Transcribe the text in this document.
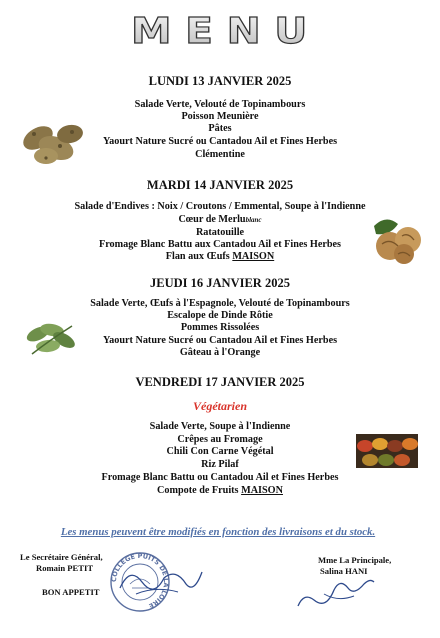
MENU
LUNDI 13 JANVIER 2025
Salade Verte, Velouté de Topinambours
Poisson Meunière
Pâtes
Yaourt Nature Sucré ou Cantadou Ail et Fines Herbes
Clémentine
MARDI 14 JANVIER 2025
Salade d'Endives : Noix / Croutons / Emmental, Soupe à l'Indienne
Cœur de Merlu$^{blanc}$
Ratatouille
Fromage Blanc Battu aux Cantadou Ail et Fines Herbes
Flan aux Œufs MAISON
JEUDI 16 JANVIER 2025
Salade Verte, Œufs à l'Espagnole, Velouté de Topinambours
Escalope de Dinde Rôtie
Pommes Rissolées
Yaourt Nature Sucré ou Cantadou Ail et Fines Herbes
Gâteau à l'Orange
VENDREDI 17 JANVIER 2025
Végétarien
Salade Verte, Soupe à l'Indienne
Crêpes au Fromage
Chili Con Carne Végétal
Riz Pilaf
Fromage Blanc Battu ou Cantadou Ail et Fines Herbes
Compote de Fruits MAISON
Les menus peuvent être modifiés en fonction des livraisons et du stock.
Le Secrétaire Général,
Romain PETIT
BON APPETIT
Mme La Principale,
Salina HANI
COLLEGE PUITS DE LA LOIRE
